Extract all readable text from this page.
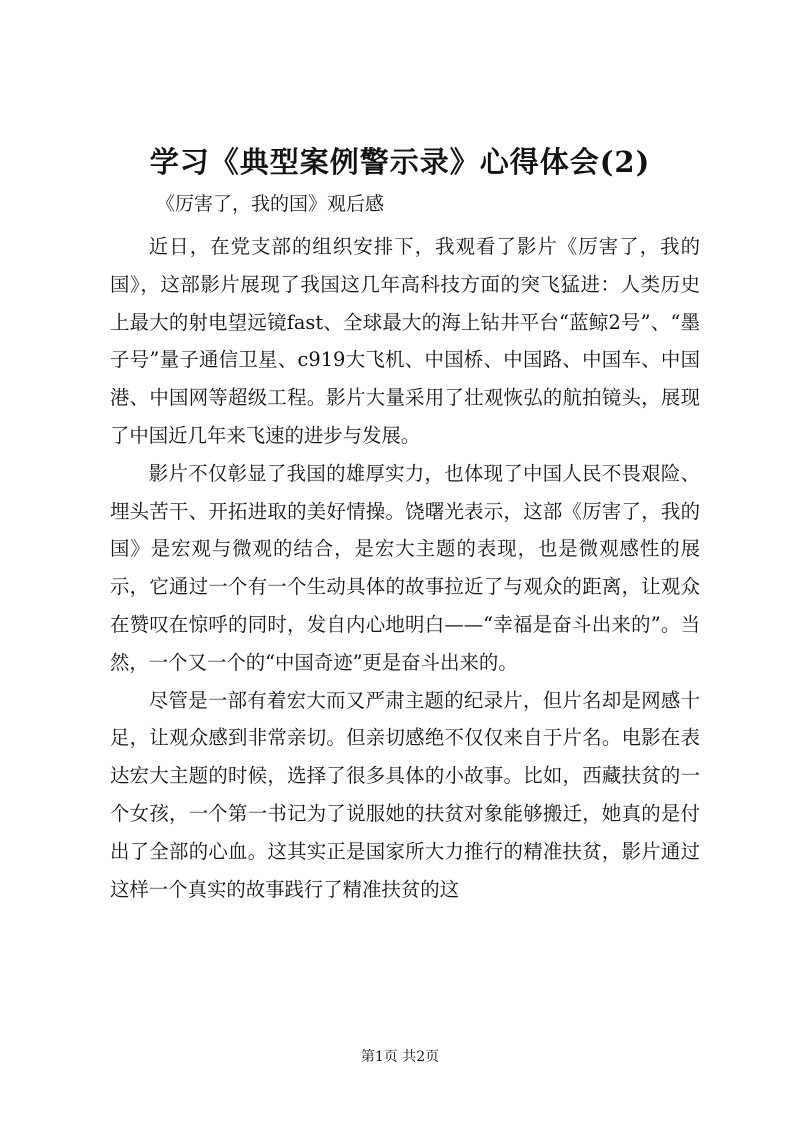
学习《典型案例警示录》心得体会(2)

《厉害了，我的国》观后感

近日，在党支部的组织安排下，我观看了影片《厉害了，我的国》，这部影片展现了我国这几年高科技方面的突飞猛进：人类历史上最大的射电望远镜fast、全球最大的海上钻井平台“蓝鲸2号”、“墨子号”量子通信卫星、c919大飞机、中国桥、中国路、中国车、中国港、中国网等超级工程。影片大量采用了壮观恢弘的航拍镜头，展现了中国近几年来飞速的进步与发展。

影片不仅彰显了我国的雄厚实力，也体现了中国人民不畏艰险、埋头苦干、开拓进取的美好情操。饶曙光表示，这部《厉害了，我的国》是宏观与微观的结合，是宏大主题的表现，也是微观感性的展示，它通过一个有一个生动具体的故事拉近了与观众的距离，让观众在赞叹在惊呼的同时，发自内心地明白——“幸福是奋斗出来的”。当然，一个又一个的“中国奇迹”更是奋斗出来的。

尽管是一部有着宏大而又严肃主题的纪录片，但片名却是网感十足，让观众感到非常亲切。但亲切感绝不仅仅来自于片名。电影在表达宏大主题的时候，选择了很多具体的小故事。比如，西藏扶贫的一个女孩，一个第一书记为了说服她的扶贫对象能够搬迁，她真的是付出了全部的心血。这其实正是国家所大力推行的精准扶贫，影片通过这样一个真实的故事践行了精准扶贫的这

第1页 共2页
